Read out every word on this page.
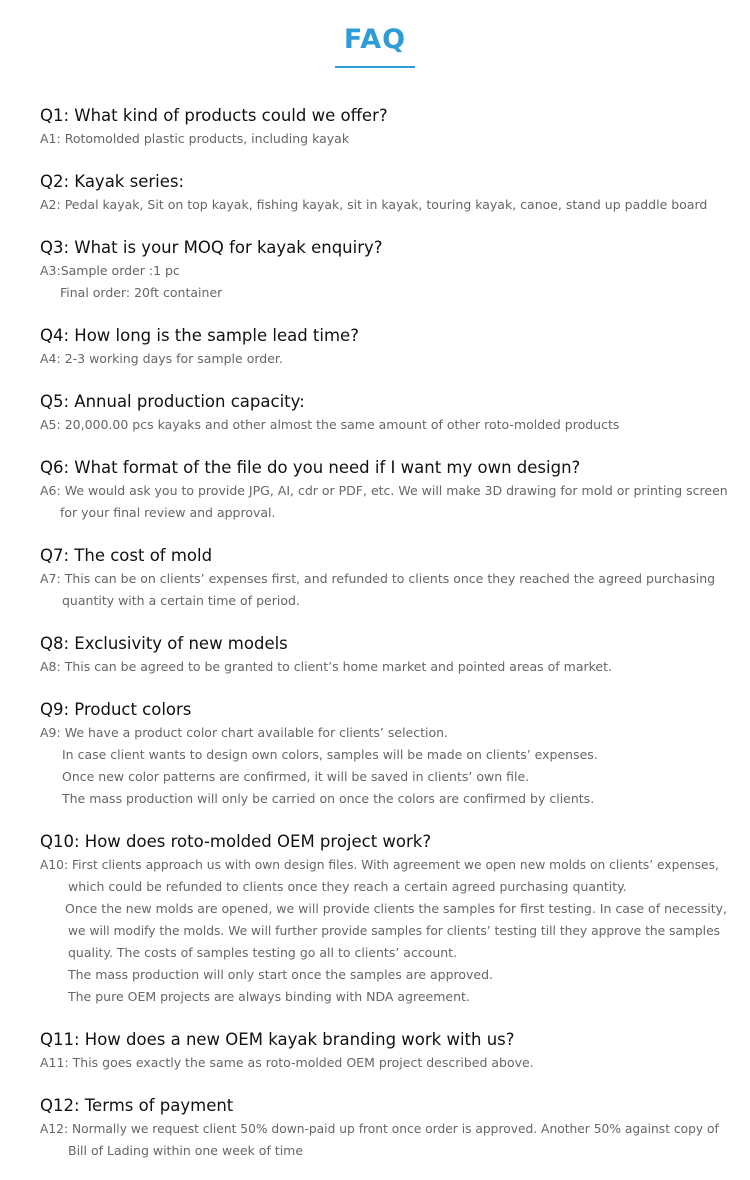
FAQ
Q1: What kind of products could we offer?
A1: Rotomolded plastic products, including kayak
Q2: Kayak series:
A2: Pedal kayak, Sit on top kayak, fishing kayak, sit in kayak, touring kayak, canoe, stand up paddle board
Q3: What is your MOQ for kayak enquiry?
A3:Sample order :1 pc
Final order: 20ft container
Q4: How long is the sample lead time?
A4: 2-3 working days for sample order.
Q5: Annual production capacity:
A5: 20,000.00 pcs kayaks and other almost the same amount of other roto-molded products
Q6: What format of the file do you need if I want my own design?
A6: We would ask you to provide JPG, AI, cdr or PDF, etc. We will make 3D drawing for mold or printing screen
for your final review and approval.
Q7: The cost of mold
A7: This can be on clients’ expenses first, and refunded to clients once they reached the agreed purchasing
quantity with a certain time of period.
Q8: Exclusivity of new models
A8: This can be agreed to be granted to client’s home market and pointed areas of market.
Q9: Product colors
A9: We have a product color chart available for clients’ selection.
In case client wants to design own colors, samples will be made on clients’ expenses.
Once new color patterns are confirmed, it will be saved in clients’ own file.
The mass production will only be carried on once the colors are confirmed by clients.
Q10: How does roto-molded OEM project work?
A10: First clients approach us with own design files. With agreement we open new molds on clients’ expenses,
which could be refunded to clients once they reach a certain agreed purchasing quantity.
Once the new molds are opened, we will provide clients the samples for first testing. In case of necessity,
we will modify the molds. We will further provide samples for clients’ testing till they approve the samples
quality. The costs of samples testing go all to clients’ account.
The mass production will only start once the samples are approved.
The pure OEM projects are always binding with NDA agreement.
Q11: How does a new OEM kayak branding work with us?
A11: This goes exactly the same as roto-molded OEM project described above.
Q12: Terms of payment
A12: Normally we request client 50% down-paid up front once order is approved. Another 50% against copy of
Bill of Lading within one week of time
